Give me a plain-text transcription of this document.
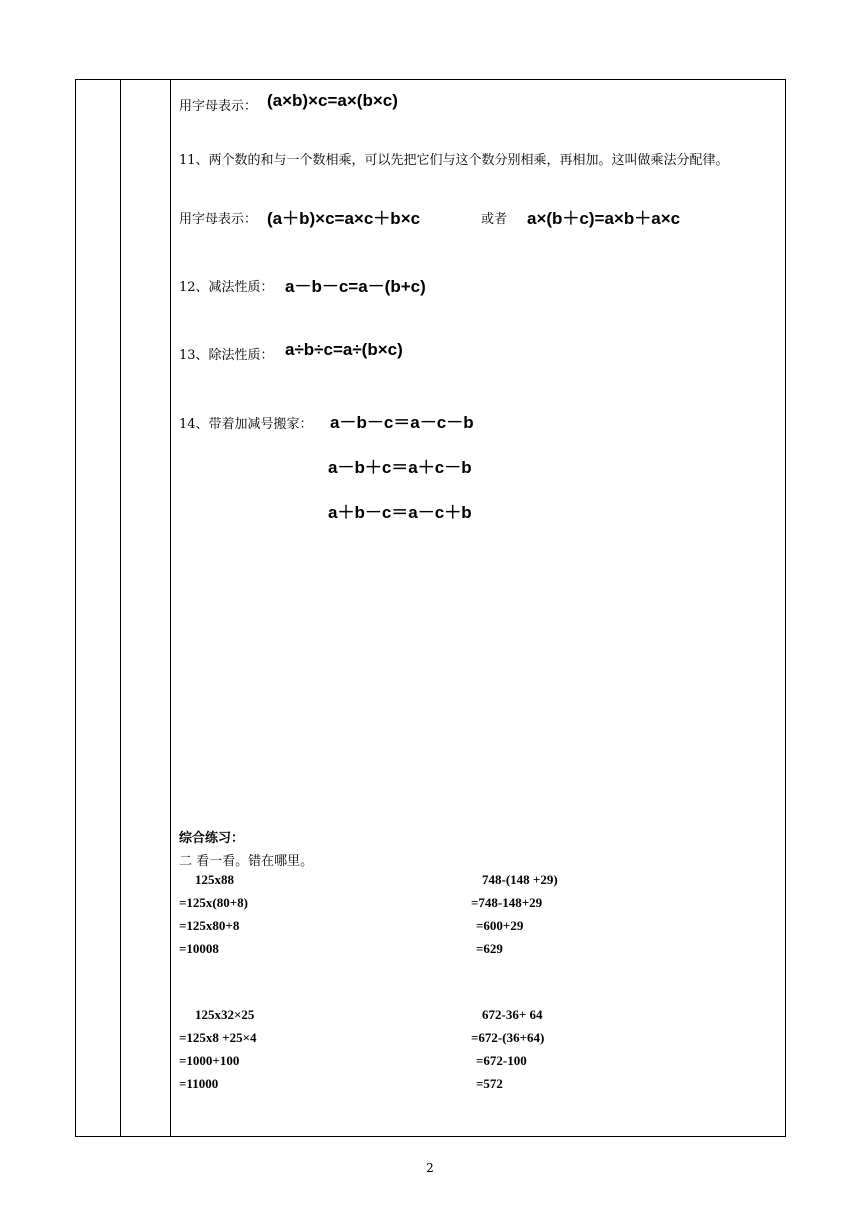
用字母表示： (a×b)×c=a×(b×c)
11、两个数的和与一个数相乘，可以先把它们与这个数分别相乘，再相加。这叫做乘法分配律。
用字母表示： (a＋b)×c=a×c＋b×c	或者 a×(b＋c)=a×b＋a×c
12、减法性质： a－b－c=a－(b+c)
13、除法性质： a÷b÷c=a÷(b×c)
14、带着加减号搬家： a－b－c＝a－c－b
a－b＋c＝a＋c－b
a＋b－c＝a－c＋b
综合练习：
二 看一看。错在哪里。
125x88
=125x(80+8)
=125x80+8
=10008
748-(148 +29)
=748-148+29
=600+29
=629
125x32×25
=125x8 +25×4
=1000+100
=11000
672-36+ 64
=672-(36+64)
=672-100
=572
2
